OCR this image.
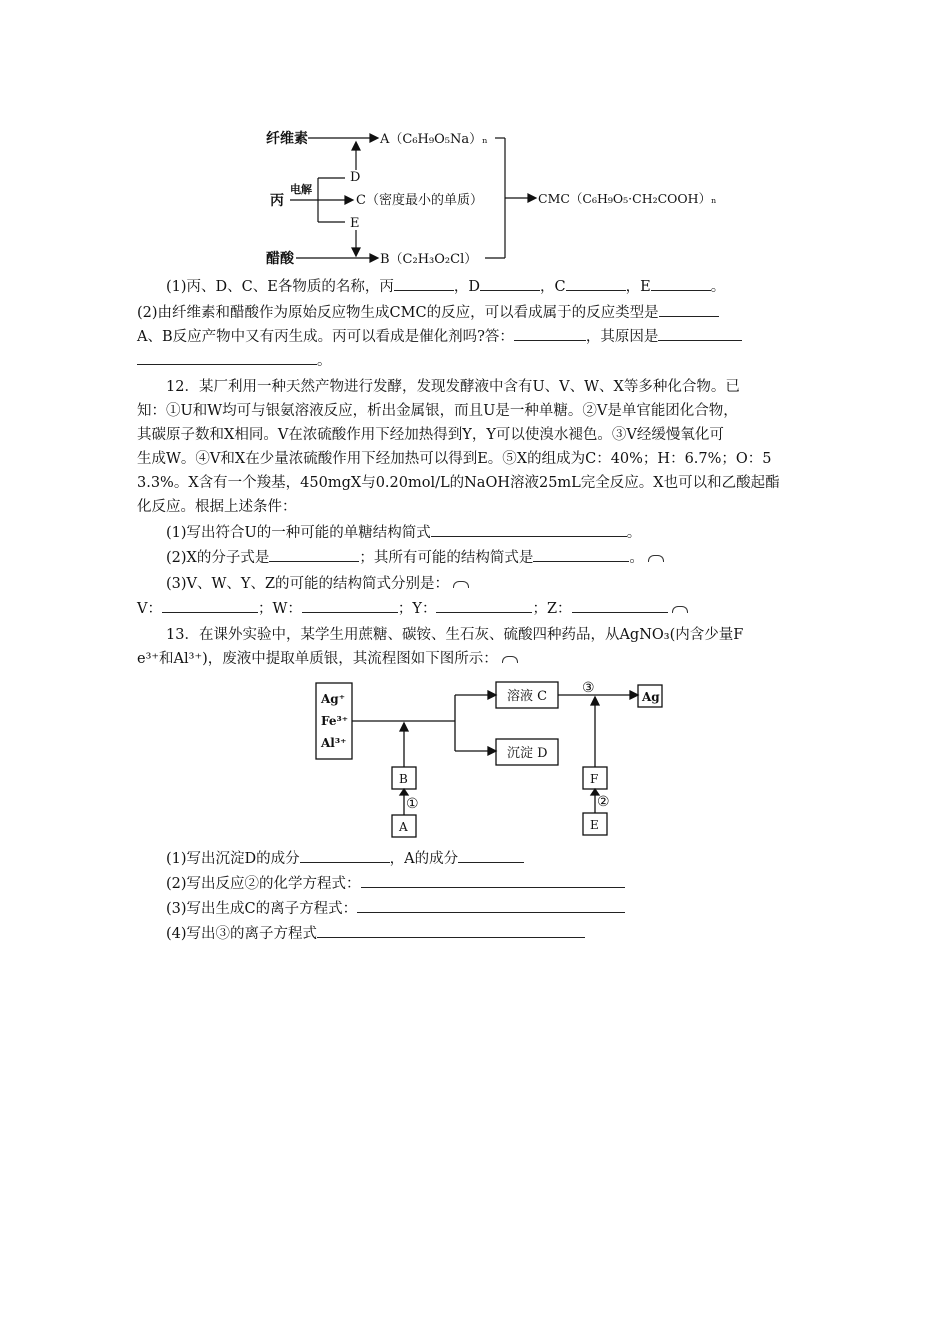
纤维素
丙
电解
醋酸
A（C₆H₉O₅Na）ₙ
D
C（密度最小的单质）
E
B（C₂H₃O₂Cl）
CMC（C₆H₉O₅·CH₂COOH）ₙ
(1)丙、D、C、E各物质的名称，丙	，D	，C	，E	。
(2)由纤维素和醋酸作为原始反应物生成CMC的反应，可以看成属于的反应类型是
A、B反应产物中又有丙生成。丙可以看成是催化剂吗?答：	，其原因是
。
12．某厂利用一种天然产物进行发酵，发现发酵液中含有U、V、W、X等多种化合物。已
知：①U和W均可与银氨溶液反应，析出金属银，而且U是一种单糖。②V是单官能团化合物，
其碳原子数和X相同。V在浓硫酸作用下经加热得到Y，Y可以使溴水褪色。③V经缓慢氧化可
生成W。④V和X在少量浓硫酸作用下经加热可以得到E。⑤X的组成为C：40%；H：6.7%；O：5
3.3%。X含有一个羧基，450mgX与0.20mol/L的NaOH溶液25mL完全反应。X也可以和乙酸起酯
化反应。根据上述条件：
(1)写出符合U的一种可能的单糖结构简式	。
(2)X的分子式是	；其所有可能的结构简式是	。
(3)V、W、Y、Z的可能的结构简式分别是：
V：	；W：	；Y：	；Z：
13．在课外实验中，某学生用蔗糖、碳铵、生石灰、硫酸四种药品，从AgNO₃(内含少量F
e³⁺和Al³⁺)，废液中提取单质银，其流程图如下图所示：
Ag⁺
Fe³⁺
Al³⁺
溶液 C
沉淀 D
Ag
B
A
F
E
①	②
③
(1)写出沉淀D的成分	，A的成分
(2)写出反应②的化学方程式：
(3)写出生成C的离子方程式：
(4)写出③的离子方程式
